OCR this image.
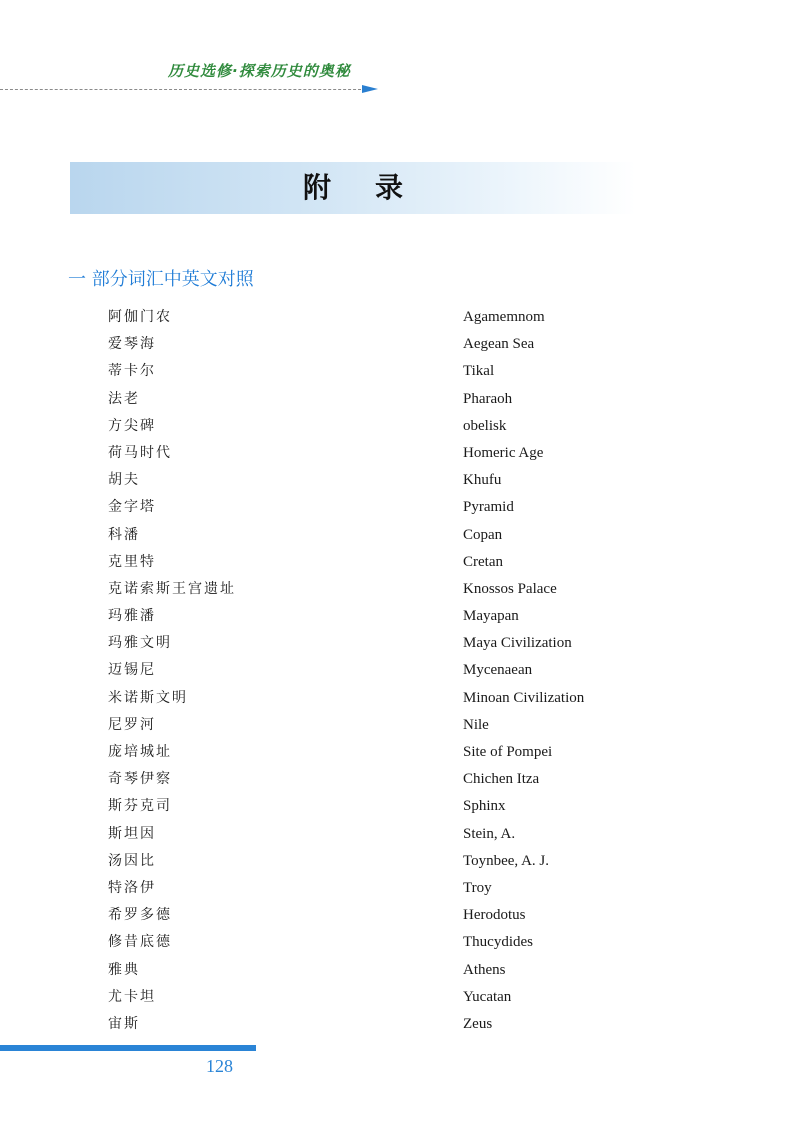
历史选修·探索历史的奥秘
附录
一 部分词汇中英文对照
阿伽门农	Agamemnom
爱琴海	Aegean Sea
蒂卡尔	Tikal
法老	Pharaoh
方尖碑	obelisk
荷马时代	Homeric Age
胡夫	Khufu
金字塔	Pyramid
科潘	Copan
克里特	Cretan
克诺索斯王宫遗址	Knossos Palace
玛雅潘	Mayapan
玛雅文明	Maya Civilization
迈锡尼	Mycenaean
米诺斯文明	Minoan Civilization
尼罗河	Nile
庞培城址	Site of Pompei
奇琴伊察	Chichen Itza
斯芬克司	Sphinx
斯坦因	Stein, A.
汤因比	Toynbee, A. J.
特洛伊	Troy
希罗多德	Herodotus
修昔底德	Thucydides
雅典	Athens
尤卡坦	Yucatan
宙斯	Zeus
128
